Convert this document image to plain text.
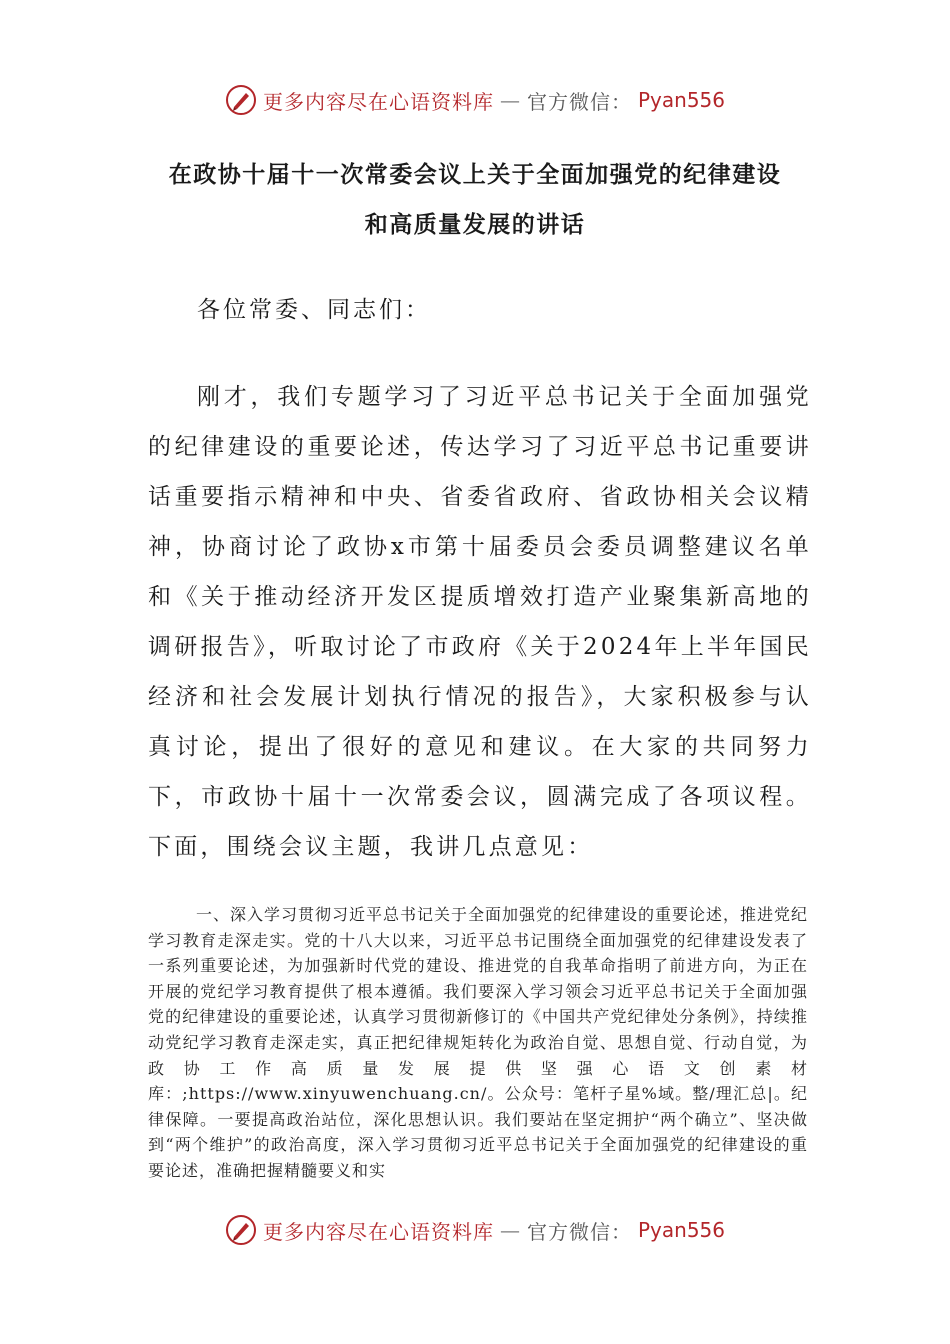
更多内容尽在心语资料库 — 官方微信： Pyan556
在政协十届十一次常委会议上关于全面加强党的纪律建设
和高质量发展的讲话
各位常委、同志们：
刚才，我们专题学习了习近平总书记关于全面加强党的纪律建设的重要论述，传达学习了习近平总书记重要讲话重要指示精神和中央、省委省政府、省政协相关会议精神，协商讨论了政协x市第十届委员会委员调整建议名单和《关于推动经济开发区提质增效打造产业聚集新高地的调研报告》，听取讨论了市政府《关于2024年上半年国民经济和社会发展计划执行情况的报告》，大家积极参与认真讨论，提出了很好的意见和建议。在大家的共同努力下，市政协十届十一次常委会议，圆满完成了各项议程。下面，围绕会议主题，我讲几点意见：
一、深入学习贯彻习近平总书记关于全面加强党的纪律建设的重要论述，推进党纪学习教育走深走实。党的十八大以来，习近平总书记围绕全面加强党的纪律建设发表了一系列重要论述，为加强新时代党的建设、推进党的自我革命指明了前进方向，为正在开展的党纪学习教育提供了根本遵循。我们要深入学习领会习近平总书记关于全面加强党的纪律建设的重要论述，认真学习贯彻新修订的《中国共产党纪律处分条例》，持续推动党纪学习教育走深走实，真正把纪律规矩转化为政治自觉、思想自觉、行动自觉，为政协工作高质量发展提供坚强心语文创素材库：;https://www.xinyuwenchuang.cn/。公众号：笔杆子星%域。整/理汇总|。纪律保障。一要提高政治站位，深化思想认识。我们要站在坚定拥护“两个确立”、坚决做到“两个维护”的政治高度，深入学习贯彻习近平总书记关于全面加强党的纪律建设的重要论述，准确把握精髓要义和实
更多内容尽在心语资料库 — 官方微信： Pyan556
